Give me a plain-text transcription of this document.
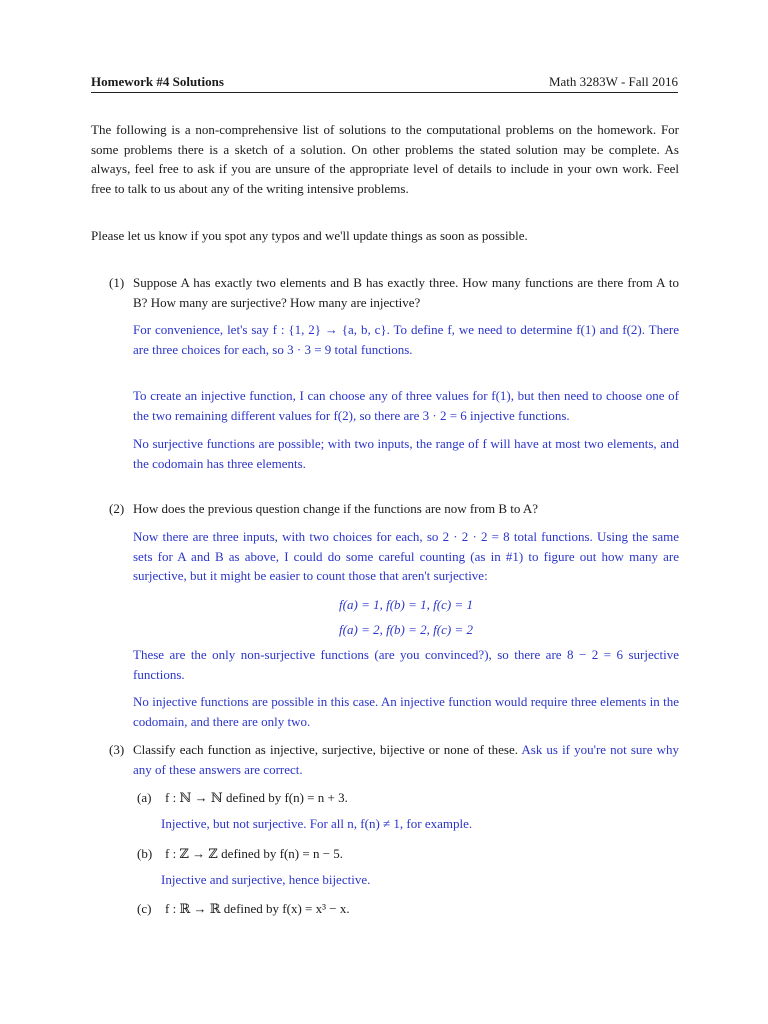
Homework #4 Solutions	Math 3283W - Fall 2016

The following is a non-comprehensive list of solutions to the computational problems on the homework. For some problems there is a sketch of a solution. On other problems the stated solution may be complete. As always, feel free to ask if you are unsure of the appropriate level of details to include in your own work. Feel free to talk to us about any of the writing intensive problems.

Please let us know if you spot any typos and we'll update things as soon as possible.

(1) Suppose A has exactly two elements and B has exactly three. How many functions are there from A to B? How many are surjective? How many are injective?

For convenience, let's say f : {1, 2} → {a, b, c}. To define f, we need to determine f(1) and f(2). There are three choices for each, so 3 · 3 = 9 total functions.

To create an injective function, I can choose any of three values for f(1), but then need to choose one of the two remaining different values for f(2), so there are 3 · 2 = 6 injective functions.

No surjective functions are possible; with two inputs, the range of f will have at most two elements, and the codomain has three elements.

(2) How does the previous question change if the functions are now from B to A?

Now there are three inputs, with two choices for each, so 2 · 2 · 2 = 8 total functions. Using the same sets for A and B as above, I could do some careful counting (as in #1) to figure out how many are surjective, but it might be easier to count those that aren't surjective:

f(a) = 1, f(b) = 1, f(c) = 1
f(a) = 2, f(b) = 2, f(c) = 2

These are the only non-surjective functions (are you convinced?), so there are 8 − 2 = 6 surjective functions.

No injective functions are possible in this case. An injective function would require three elements in the codomain, and there are only two.

(3) Classify each function as injective, surjective, bijective or none of these. Ask us if you're not sure why any of these answers are correct.
(a) f : ℕ → ℕ defined by f(n) = n + 3.
Injective, but not surjective. For all n, f(n) ≠ 1, for example.
(b) f : ℤ → ℤ defined by f(n) = n − 5.
Injective and surjective, hence bijective.
(c) f : ℝ → ℝ defined by f(x) = x³ − x.
